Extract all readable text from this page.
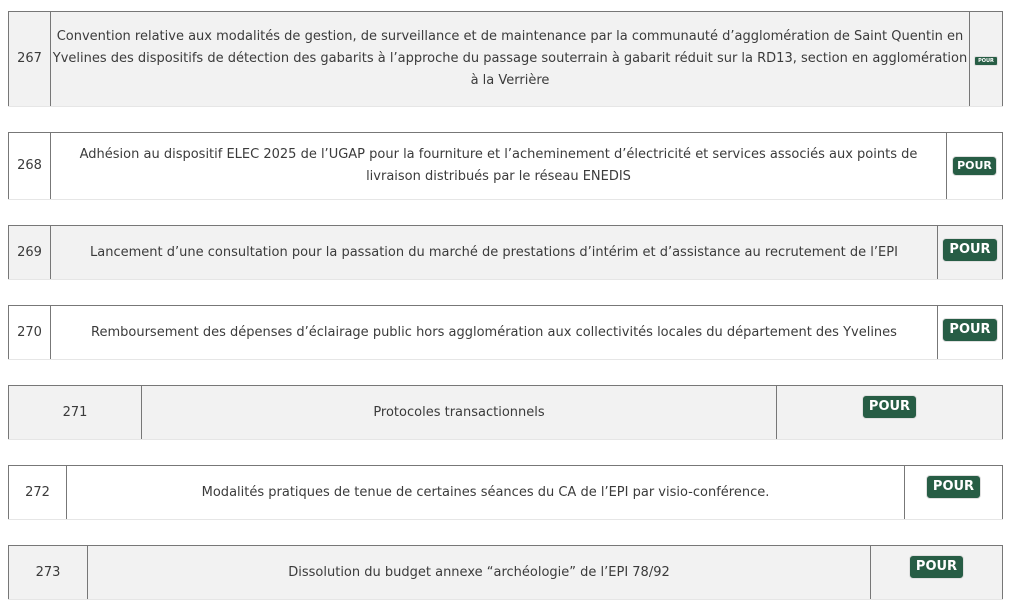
267	Convention relative aux modalités de gestion, de surveillance et de maintenance par la communauté d’agglomération de Saint Quentin en Yvelines des dispositifs de détection des gabarits à l’approche du passage souterrain à gabarit réduit sur la RD13, section en agglomération à la Verrière	POUR
268	Adhésion au dispositif ELEC 2025 de l’UGAP pour la fourniture et l’acheminement d’électricité et services associés aux points de livraison distribués par le réseau ENEDIS	POUR
269	Lancement d’une consultation pour la passation du marché de prestations d’intérim et d’assistance au recrutement de l’EPI	POUR
270	Remboursement des dépenses d’éclairage public hors agglomération aux collectivités locales du département des Yvelines	POUR
271	Protocoles transactionnels	POUR
272	Modalités pratiques de tenue de certaines séances du CA de l’EPI par visio-conférence.	POUR
273	Dissolution du budget annexe “archéologie” de l’EPI 78/92	POUR
